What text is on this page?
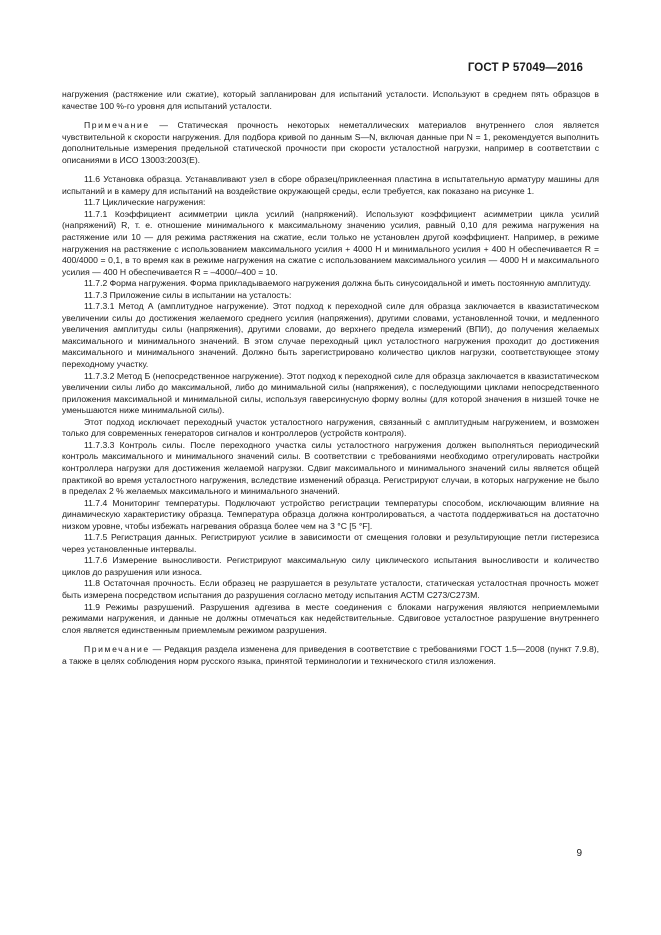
ГОСТ Р 57049—2016

нагружения (растяжение или сжатие), который запланирован для испытаний усталости. Используют в среднем пять образцов в качестве 100 %-го уровня для испытаний усталости.

Примечание — Статическая прочность некоторых неметаллических материалов внутреннего слоя является чувствительной к скорости нагружения. Для подбора кривой по данным S—N, включая данные при N = 1, рекомендуется выполнить дополнительные измерения предельной статической прочности при скорости усталостной нагрузки, например в соответствии с описаниями в ИСО 13003:2003(E).

11.6 Установка образца. Устанавливают узел в сборе образец/приклеенная пластина в испытательную арматуру машины для испытаний и в камеру для испытаний на воздействие окружающей среды, если требуется, как показано на рисунке 1.

11.7 Циклические нагружения:

11.7.1 Коэффициент асимметрии цикла усилий (напряжений). Используют коэффициент асимметрии цикла усилий (напряжений) R, т. е. отношение минимального к максимальному значению усилия, равный 0,10 для режима нагружения на растяжение или 10 — для режима растяжения на сжатие, если только не установлен другой коэффициент. Например, в режиме нагружения на растяжение с использованием максимального усилия + 4000 Н и минимального усилия + 400 Н обеспечивается R = 400/4000 = 0,1, в то время как в режиме нагружения на сжатие с использованием максимального усилия — 4000 Н и максимального усилия — 400 Н обеспечивается R = –4000/–400 = 10.

11.7.2 Форма нагружения. Форма прикладываемого нагружения должна быть синусоидальной и иметь постоянную амплитуду.

11.7.3 Приложение силы в испытании на усталость:

11.7.3.1 Метод А (амплитудное нагружение). Этот подход к переходной силе для образца заключается в квазистатическом увеличении силы до достижения желаемого среднего усилия (напряжения), другими словами, установленной точки, и медленного увеличения амплитуды силы (напряжения), другими словами, до верхнего предела измерений (ВПИ), до получения желаемых максимального и минимального значений. В этом случае переходный цикл усталостного нагружения проходит до достижения максимального и минимального значений. Должно быть зарегистрировано количество циклов нагрузки, соответствующее этому переходному участку.

11.7.3.2 Метод Б (непосредственное нагружение). Этот подход к переходной силе для образца заключается в квазистатическом увеличении силы либо до максимальной, либо до минимальной силы (напряжения), с последующими циклами непосредственного приложения максимальной и минимальной силы, используя гаверсинусную форму волны (для которой значения в низшей точке не уменьшаются ниже минимальной силы).

Этот подход исключает переходный участок усталостного нагружения, связанный с амплитудным нагружением, и возможен только для современных генераторов сигналов и контроллеров (устройств контроля).

11.7.3.3 Контроль силы. После переходного участка силы усталостного нагружения должен выполняться периодический контроль максимального и минимального значений силы. В соответствии с требованиями необходимо отрегулировать настройки контроллера нагрузки для достижения желаемой нагрузки. Сдвиг максимального и минимального значений силы является общей практикой во время усталостного нагружения, вследствие изменений образца. Регистрируют случаи, в которых нагружение не было в пределах 2 % желаемых максимального и минимального значений.

11.7.4 Мониторинг температуры. Подключают устройство регистрации температуры способом, исключающим влияние на динамическую характеристику образца. Температура образца должна контролироваться, а частота поддерживаться на достаточно низком уровне, чтобы избежать нагревания образца более чем на 3 °С [5 °F].

11.7.5 Регистрация данных. Регистрируют усилие в зависимости от смещения головки и результирующие петли гистерезиса через установленные интервалы.

11.7.6 Измерение выносливости. Регистрируют максимальную силу циклического испытания выносливости и количество циклов до разрушения или износа.

11.8 Остаточная прочность. Если образец не разрушается в результате усталости, статическая усталостная прочность может быть измерена посредством испытания до разрушения согласно методу испытания АСТМ С273/С273М.

11.9 Режимы разрушений. Разрушения адгезива в месте соединения с блоками нагружения являются неприемлемыми режимами нагружения, и данные не должны отмечаться как недействительные. Сдвиговое усталостное разрушение внутреннего слоя является единственным приемлемым режимом разрушения.

Примечание — Редакция раздела изменена для приведения в соответствие с требованиями ГОСТ 1.5—2008 (пункт 7.9.8), а также в целях соблюдения норм русского языка, принятой терминологии и технического стиля изложения.

9
